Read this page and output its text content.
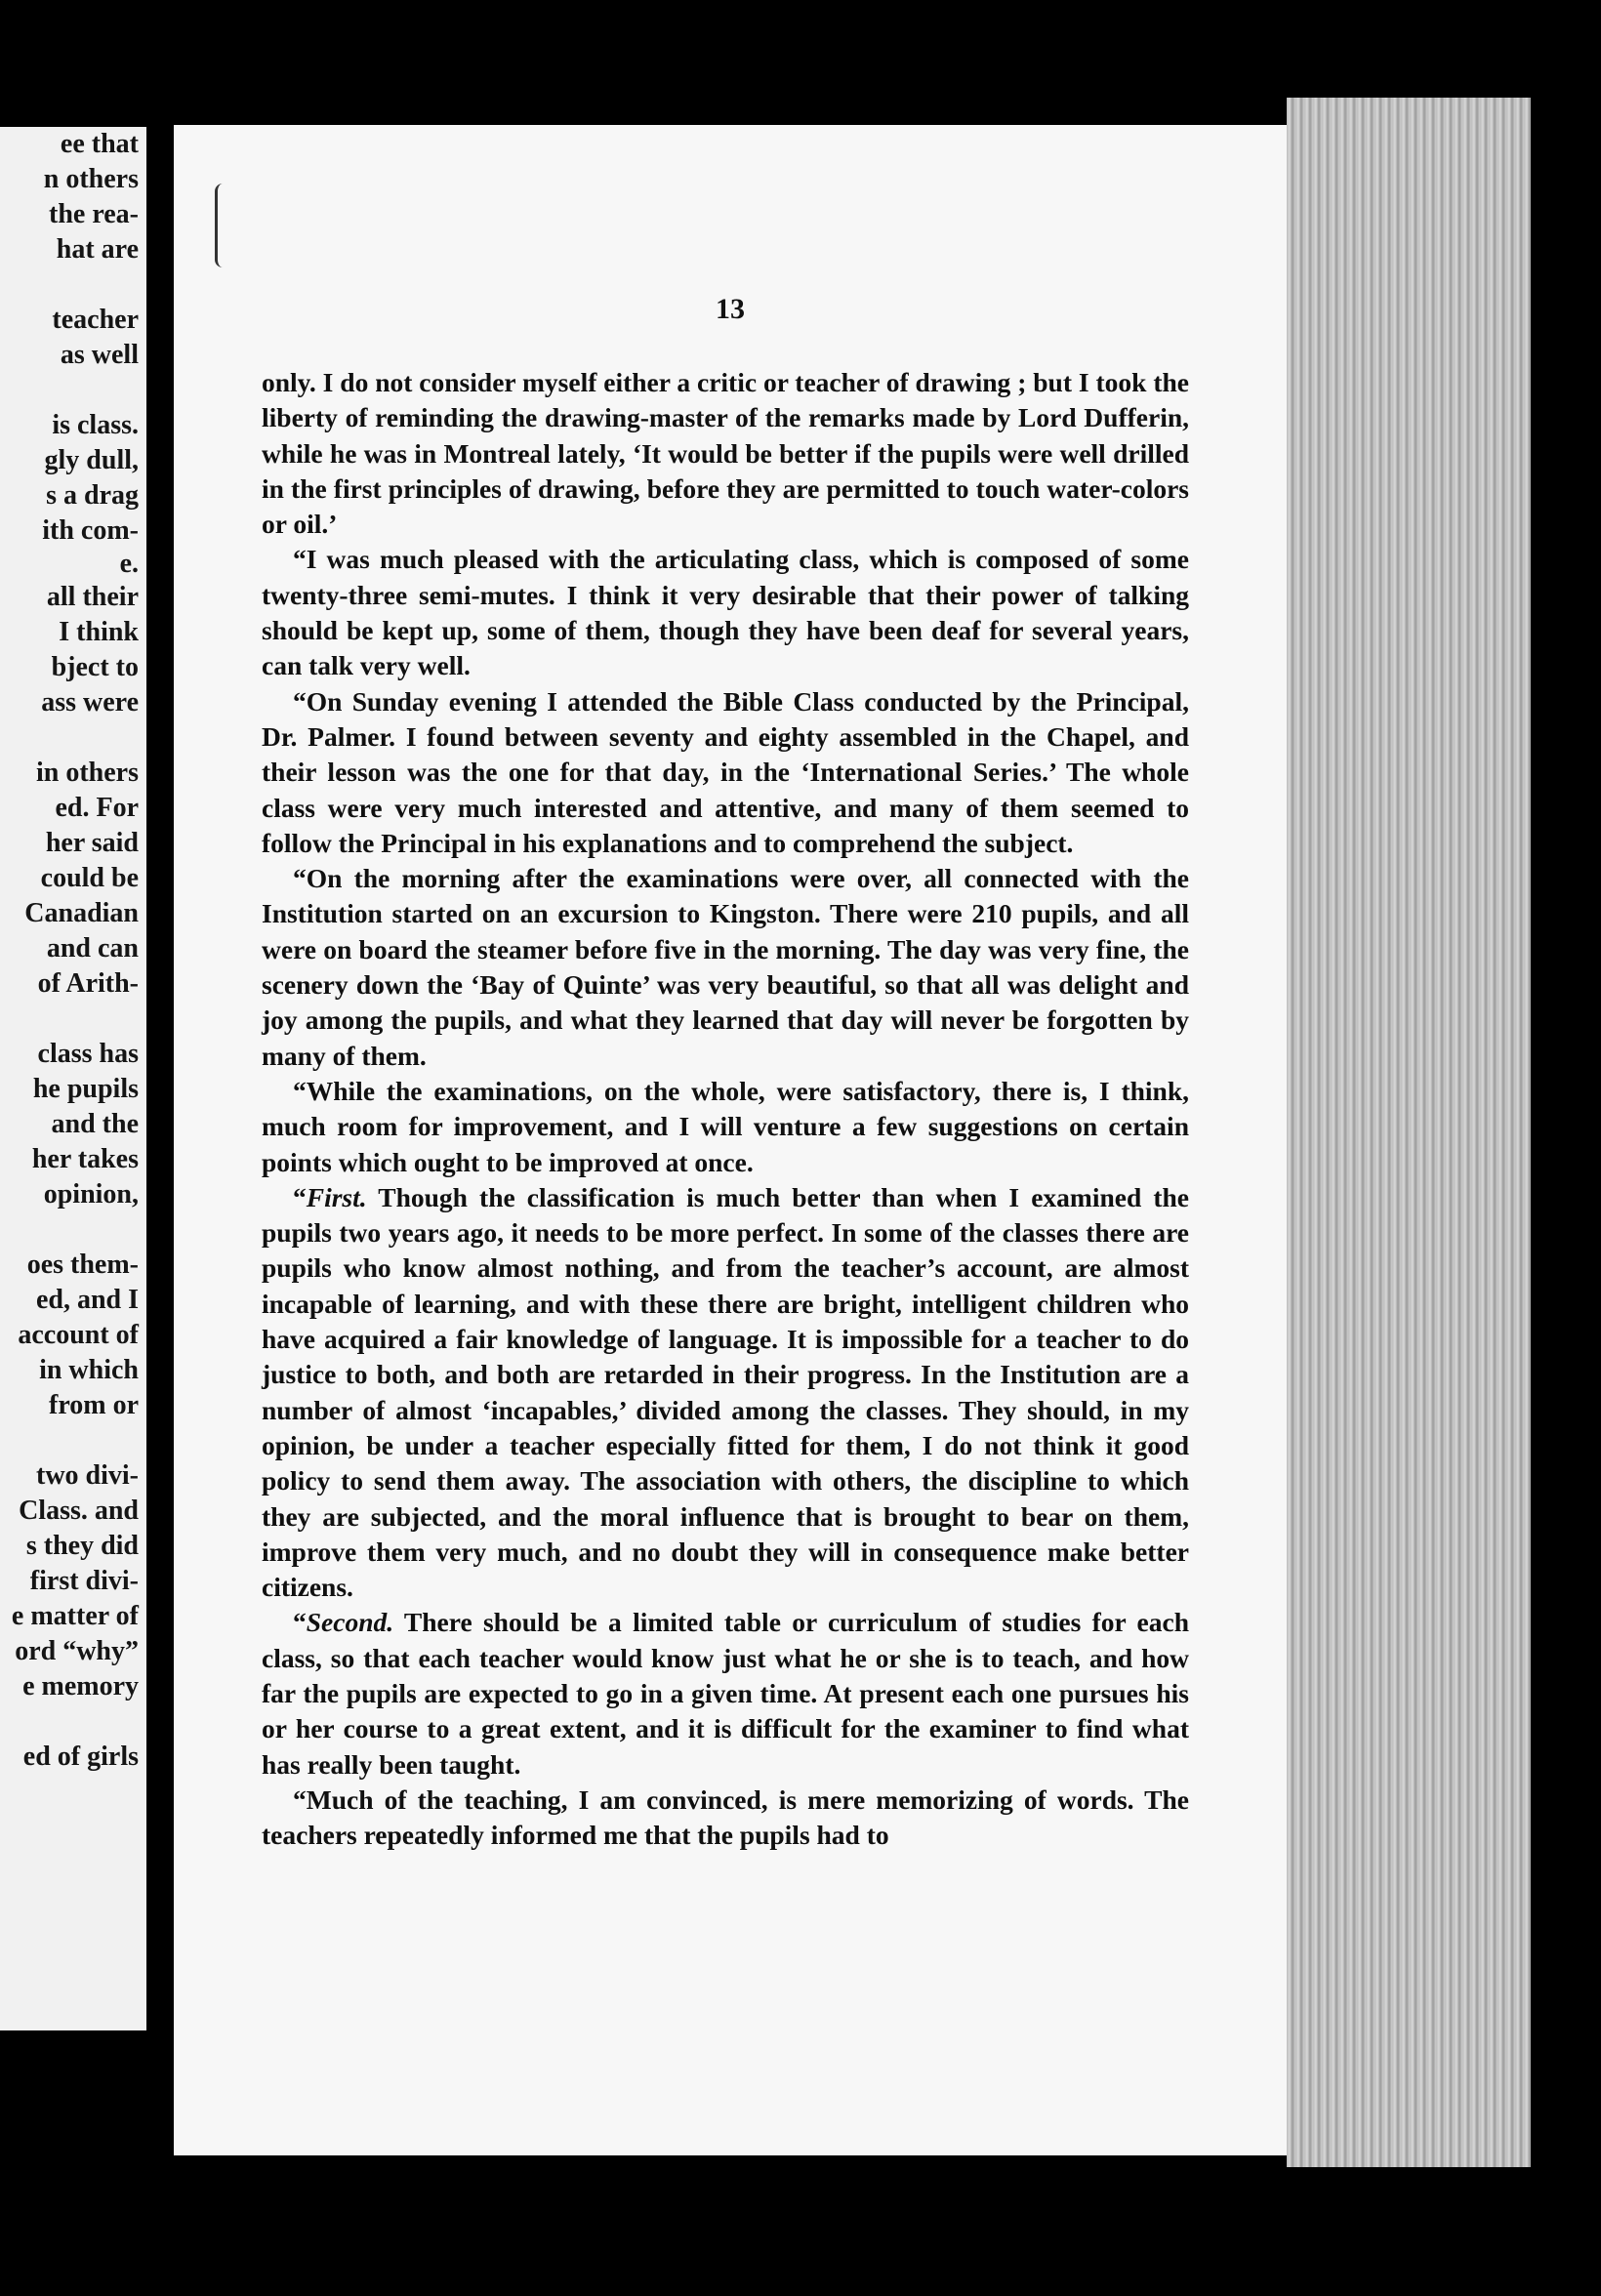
ee that
n others
the rea-
hat are
teacher
as well
is class.
gly dull,
s a drag
ith com-
e.
all their
I think
bject to
ass were
in others
ed. For
her said
could be
Canadian
and can
of Arith-
class has
he pupils
and the
her takes
opinion,
oes them-
ed, and I
account of
in which
from or
two divi-
Class. and
s they did
first divi-
e matter of
ord “why”
e memory
ed of girls
13

only. I do not consider myself either a critic or teacher of drawing ; but I took the liberty of reminding the drawing-master of the remarks made by Lord Dufferin, while he was in Montreal lately, ‘It would be better if the pupils were well drilled in the first principles of drawing, before they are permitted to touch water-colors or oil.’

“I was much pleased with the articulating class, which is composed of some twenty-three semi-mutes. I think it very desirable that their power of talking should be kept up, some of them, though they have been deaf for several years, can talk very well.

“On Sunday evening I attended the Bible Class conducted by the Principal, Dr. Palmer. I found between seventy and eighty assembled in the Chapel, and their lesson was the one for that day, in the ‘International Series.’ The whole class were very much interested and attentive, and many of them seemed to follow the Principal in his explanations and to comprehend the subject.

“On the morning after the examinations were over, all connected with the Institution started on an excursion to Kingston. There were 210 pupils, and all were on board the steamer before five in the morning. The day was very fine, the scenery down the ‘Bay of Quinte’ was very beautiful, so that all was delight and joy among the pupils, and what they learned that day will never be forgotten by many of them.

“While the examinations, on the whole, were satisfactory, there is, I think, much room for improvement, and I will venture a few suggestions on certain points which ought to be improved at once.

“First. Though the classification is much better than when I examined the pupils two years ago, it needs to be more perfect. In some of the classes there are pupils who know almost nothing, and from the teacher’s account, are almost incapable of learning, and with these there are bright, intelligent children who have acquired a fair knowledge of language. It is impossible for a teacher to do justice to both, and both are retarded in their progress. In the Institution are a number of almost ‘incapables,’ divided among the classes. They should, in my opinion, be under a teacher especially fitted for them, I do not think it good policy to send them away. The association with others, the discipline to which they are subjected, and the moral influence that is brought to bear on them, improve them very much, and no doubt they will in consequence make better citizens.

“Second. There should be a limited table or curriculum of studies for each class, so that each teacher would know just what he or she is to teach, and how far the pupils are expected to go in a given time. At present each one pursues his or her course to a great extent, and it is difficult for the examiner to find what has really been taught.

“Much of the teaching, I am convinced, is mere memorizing of words. The teachers repeatedly informed me that the pupils had to
